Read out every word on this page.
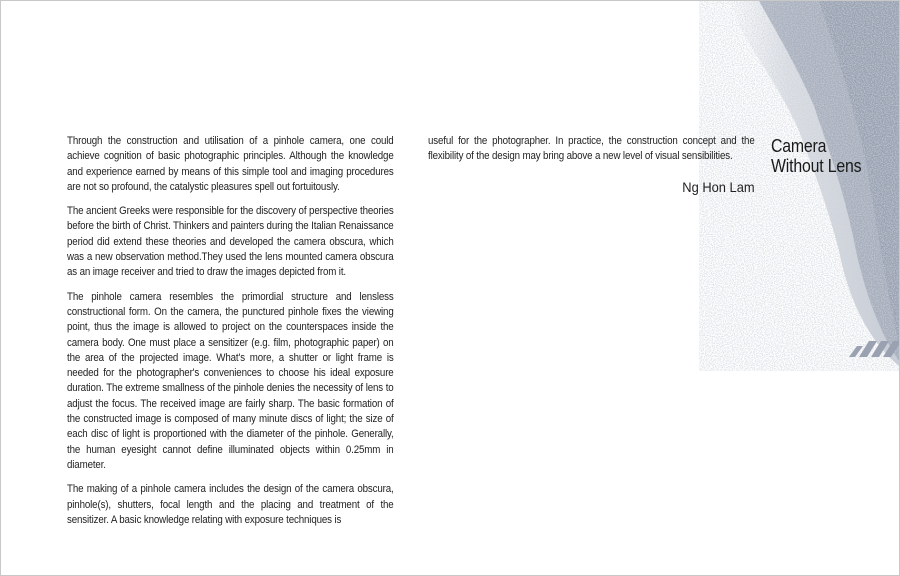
Through the construction and utilisation of a pinhole camera, one could achieve cognition of basic photographic principles. Although the knowledge and experience earned by means of this simple tool and imaging procedures are not so profound, the catalystic pleasures spell out fortuitously.

The ancient Greeks were responsible for the discovery of perspective theories before the birth of Christ. Thinkers and painters during the Italian Renaissance period did extend these theories and developed the camera obscura, which was a new observation method.They used the lens mounted camera obscura as an image receiver and tried to draw the images depicted from it.

The pinhole camera resembles the primordial structure and lensless constructional form. On the camera, the punctured pinhole fixes the viewing point, thus the image is allowed to project on the counterspaces inside the camera body. One must place a sensitizer (e.g. film, photographic paper) on the area of the projected image. What's more, a shutter or light frame is needed for the photographer's conveniences to choose his ideal exposure duration. The extreme smallness of the pinhole denies the necessity of lens to adjust the focus. The received image are fairly sharp. The basic formation of the constructed image is composed of many minute discs of light; the size of each disc of light is proportioned with the diameter of the pinhole. Generally, the human eyesight cannot define illuminated objects within 0.25mm in diameter.

The making of a pinhole camera includes the design of the camera obscura, pinhole(s), shutters, focal length and the placing and treatment of the sensitizer. A basic knowledge relating with exposure techniques is

useful for the photographer. In practice, the construction concept and the flexibility of the design may bring above a new level of visual sensibilities.

Ng Hon Lam
Camera
Without Lens
